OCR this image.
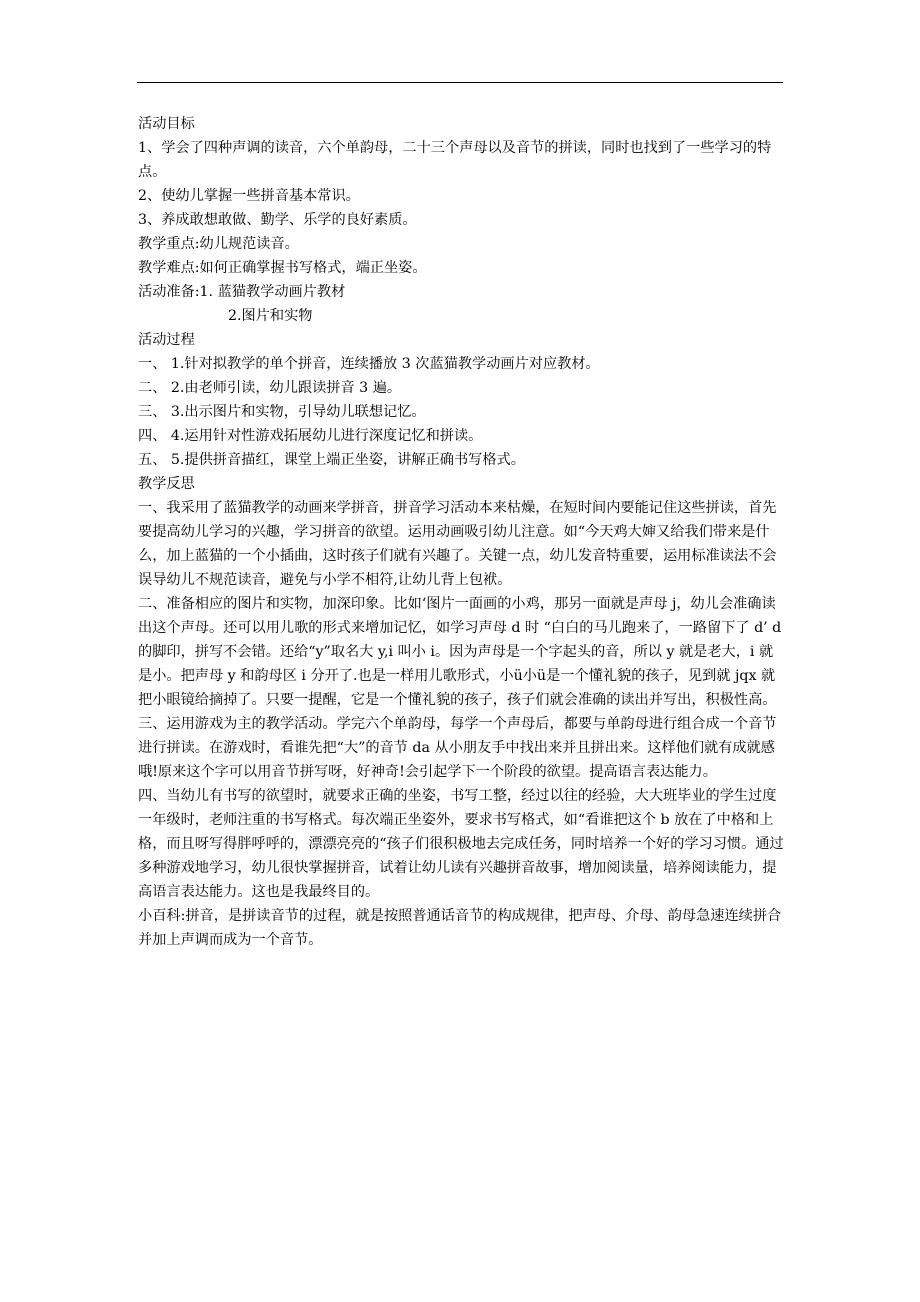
活动目标

1、学会了四种声调的读音，六个单韵母，二十三个声母以及音节的拼读，同时也找到了一些学习的特点。

2、使幼儿掌握一些拼音基本常识。

3、养成敢想敢做、勤学、乐学的良好素质。

教学重点:幼儿规范读音。

教学难点:如何正确掌握书写格式，端正坐姿。

活动准备:1. 蓝猫教学动画片教材

2.图片和实物

活动过程

一、 1.针对拟教学的单个拼音，连续播放 3 次蓝猫教学动画片对应教材。

二、 2.由老师引读，幼儿跟读拼音 3 遍。

三、 3.出示图片和实物，引导幼儿联想记忆。

四、 4.运用针对性游戏拓展幼儿进行深度记忆和拼读。

五、 5.提供拼音描红，课堂上端正坐姿，讲解正确书写格式。

教学反思

一、我采用了蓝猫教学的动画来学拼音，拼音学习活动本来枯燥，在短时间内要能记住这些拼读，首先要提高幼儿学习的兴趣，学习拼音的欲望。运用动画吸引幼儿注意。如“今天鸡大婶又给我们带来是什么，加上蓝猫的一个小插曲，这时孩子们就有兴趣了。关键一点，幼儿发音特重要，运用标准读法不会误导幼儿不规范读音，避免与小学不相符,让幼儿背上包袱。

二、准备相应的图片和实物，加深印象。比如‘图片一面画的小鸡，那另一面就是声母 j，幼儿会准确读出这个声母。还可以用儿歌的形式来增加记忆，如学习声母 d 时 “白白的马儿跑来了，一路留下了 d’ d 的脚印，拼写不会错。还给“y”取名大 y,i 叫小 i。因为声母是一个字起头的音，所以 y 就是老大，i 就是小。把声母 y 和韵母区 i 分开了.也是一样用儿歌形式，小ü小ü是一个懂礼貌的孩子，见到就 jqx 就把小眼镜给摘掉了。只要一提醒，它是一个懂礼貌的孩子，孩子们就会准确的读出并写出，积极性高。

三、运用游戏为主的教学活动。学完六个单韵母，每学一个声母后，都要与单韵母进行组合成一个音节进行拼读。在游戏时，看谁先把“大”的音节 da 从小朋友手中找出来并且拼出来。这样他们就有成就感哦!原来这个字可以用音节拼写呀，好神奇!会引起学下一个阶段的欲望。提高语言表达能力。

四、当幼儿有书写的欲望时，就要求正确的坐姿，书写工整，经过以往的经验，大大班毕业的学生过度一年级时，老师注重的书写格式。每次端正坐姿外，要求书写格式，如“看谁把这个 b 放在了中格和上格，而且呀写得胖呼呼的，漂漂亮亮的“孩子们很积极地去完成任务，同时培养一个好的学习习惯。通过多种游戏地学习，幼儿很快掌握拼音，试着让幼儿读有兴趣拼音故事，增加阅读量，培养阅读能力，提高语言表达能力。这也是我最终目的。

小百科:拼音，是拼读音节的过程，就是按照普通话音节的构成规律，把声母、介母、韵母急速连续拼合并加上声调而成为一个音节。
